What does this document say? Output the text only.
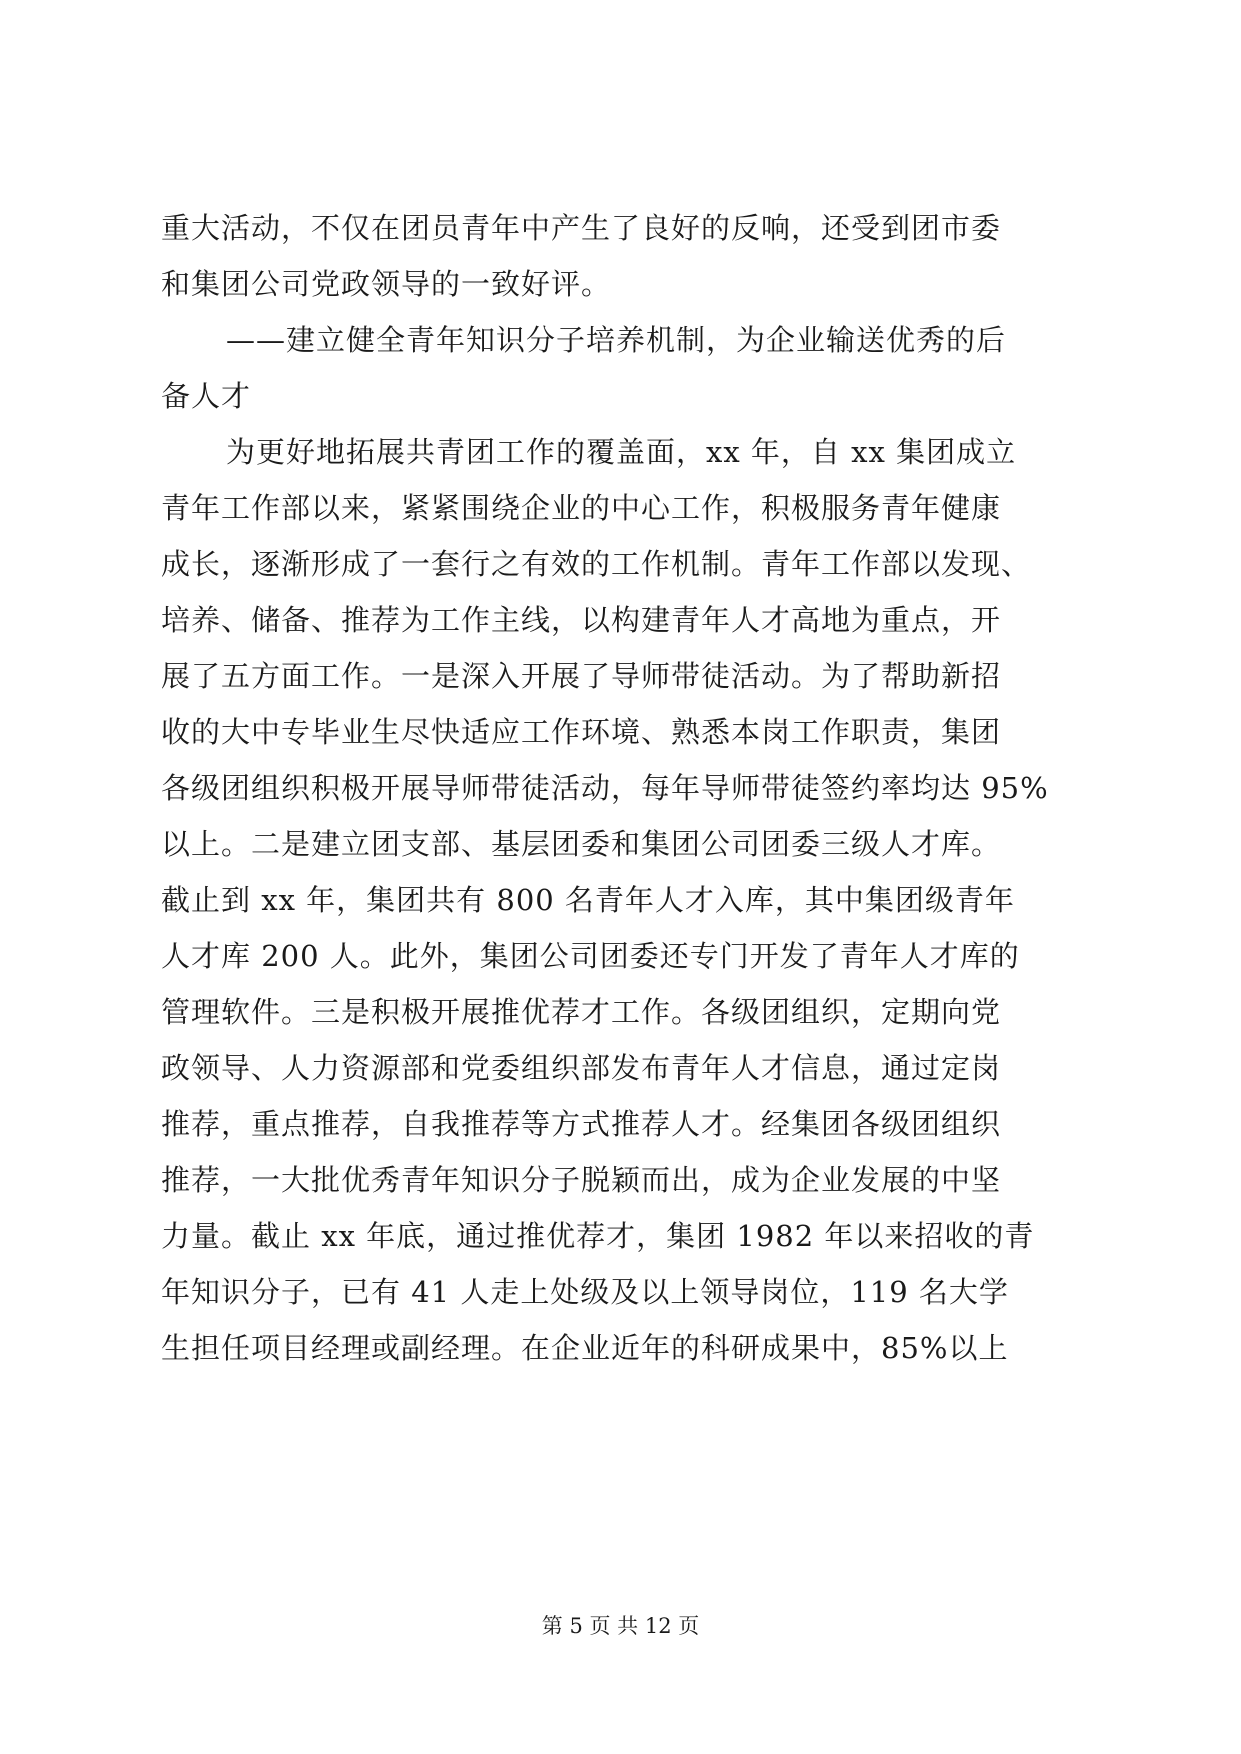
重大活动，不仅在团员青年中产生了良好的反响，还受到团市委
和集团公司党政领导的一致好评。
——建立健全青年知识分子培养机制，为企业输送优秀的后
备人才
为更好地拓展共青团工作的覆盖面，xx 年，自 xx 集团成立
青年工作部以来，紧紧围绕企业的中心工作，积极服务青年健康
成长，逐渐形成了一套行之有效的工作机制。青年工作部以发现、
培养、储备、推荐为工作主线，以构建青年人才高地为重点，开
展了五方面工作。一是深入开展了导师带徒活动。为了帮助新招
收的大中专毕业生尽快适应工作环境、熟悉本岗工作职责，集团
各级团组织积极开展导师带徒活动，每年导师带徒签约率均达 95%
以上。二是建立团支部、基层团委和集团公司团委三级人才库。
截止到 xx 年，集团共有 800 名青年人才入库，其中集团级青年
人才库 200 人。此外，集团公司团委还专门开发了青年人才库的
管理软件。三是积极开展推优荐才工作。各级团组织，定期向党
政领导、人力资源部和党委组织部发布青年人才信息，通过定岗
推荐，重点推荐，自我推荐等方式推荐人才。经集团各级团组织
推荐，一大批优秀青年知识分子脱颖而出，成为企业发展的中坚
力量。截止 xx 年底，通过推优荐才，集团 1982 年以来招收的青
年知识分子，已有 41 人走上处级及以上领导岗位，119 名大学
生担任项目经理或副经理。在企业近年的科研成果中，85%以上
第 5 页 共 12 页
